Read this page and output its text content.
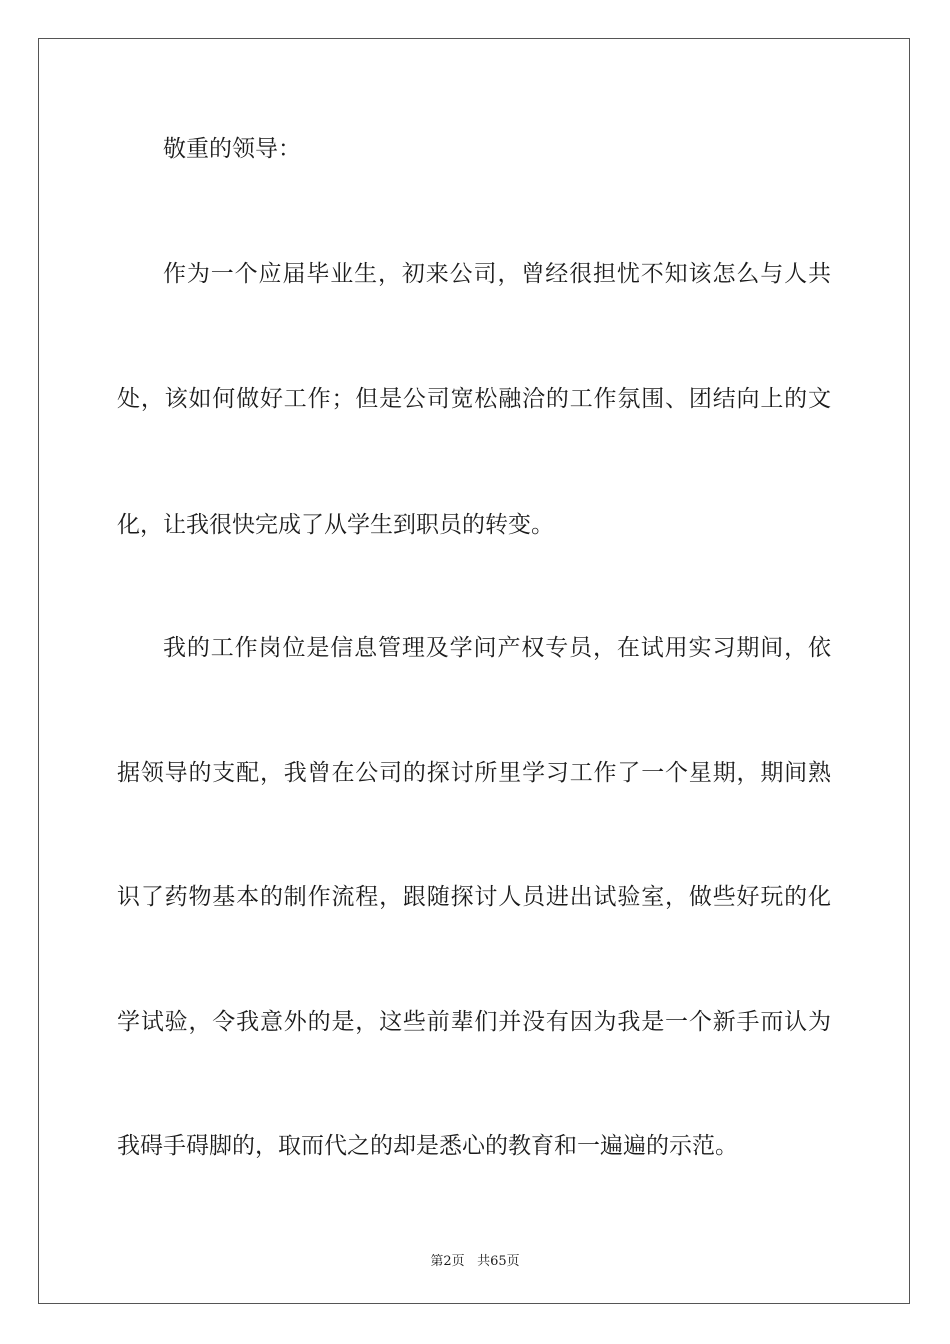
敬重的领导：

作为一个应届毕业生，初来公司，曾经很担忧不知该怎么与人共

处，该如何做好工作；但是公司宽松融洽的工作氛围、团结向上的文

化，让我很快完成了从学生到职员的转变。

我的工作岗位是信息管理及学问产权专员，在试用实习期间，依

据领导的支配，我曾在公司的探讨所里学习工作了一个星期，期间熟

识了药物基本的制作流程，跟随探讨人员进出试验室，做些好玩的化

学试验，令我意外的是，这些前辈们并没有因为我是一个新手而认为

我碍手碍脚的，取而代之的却是悉心的教育和一遍遍的示范。

第2页 共65页
